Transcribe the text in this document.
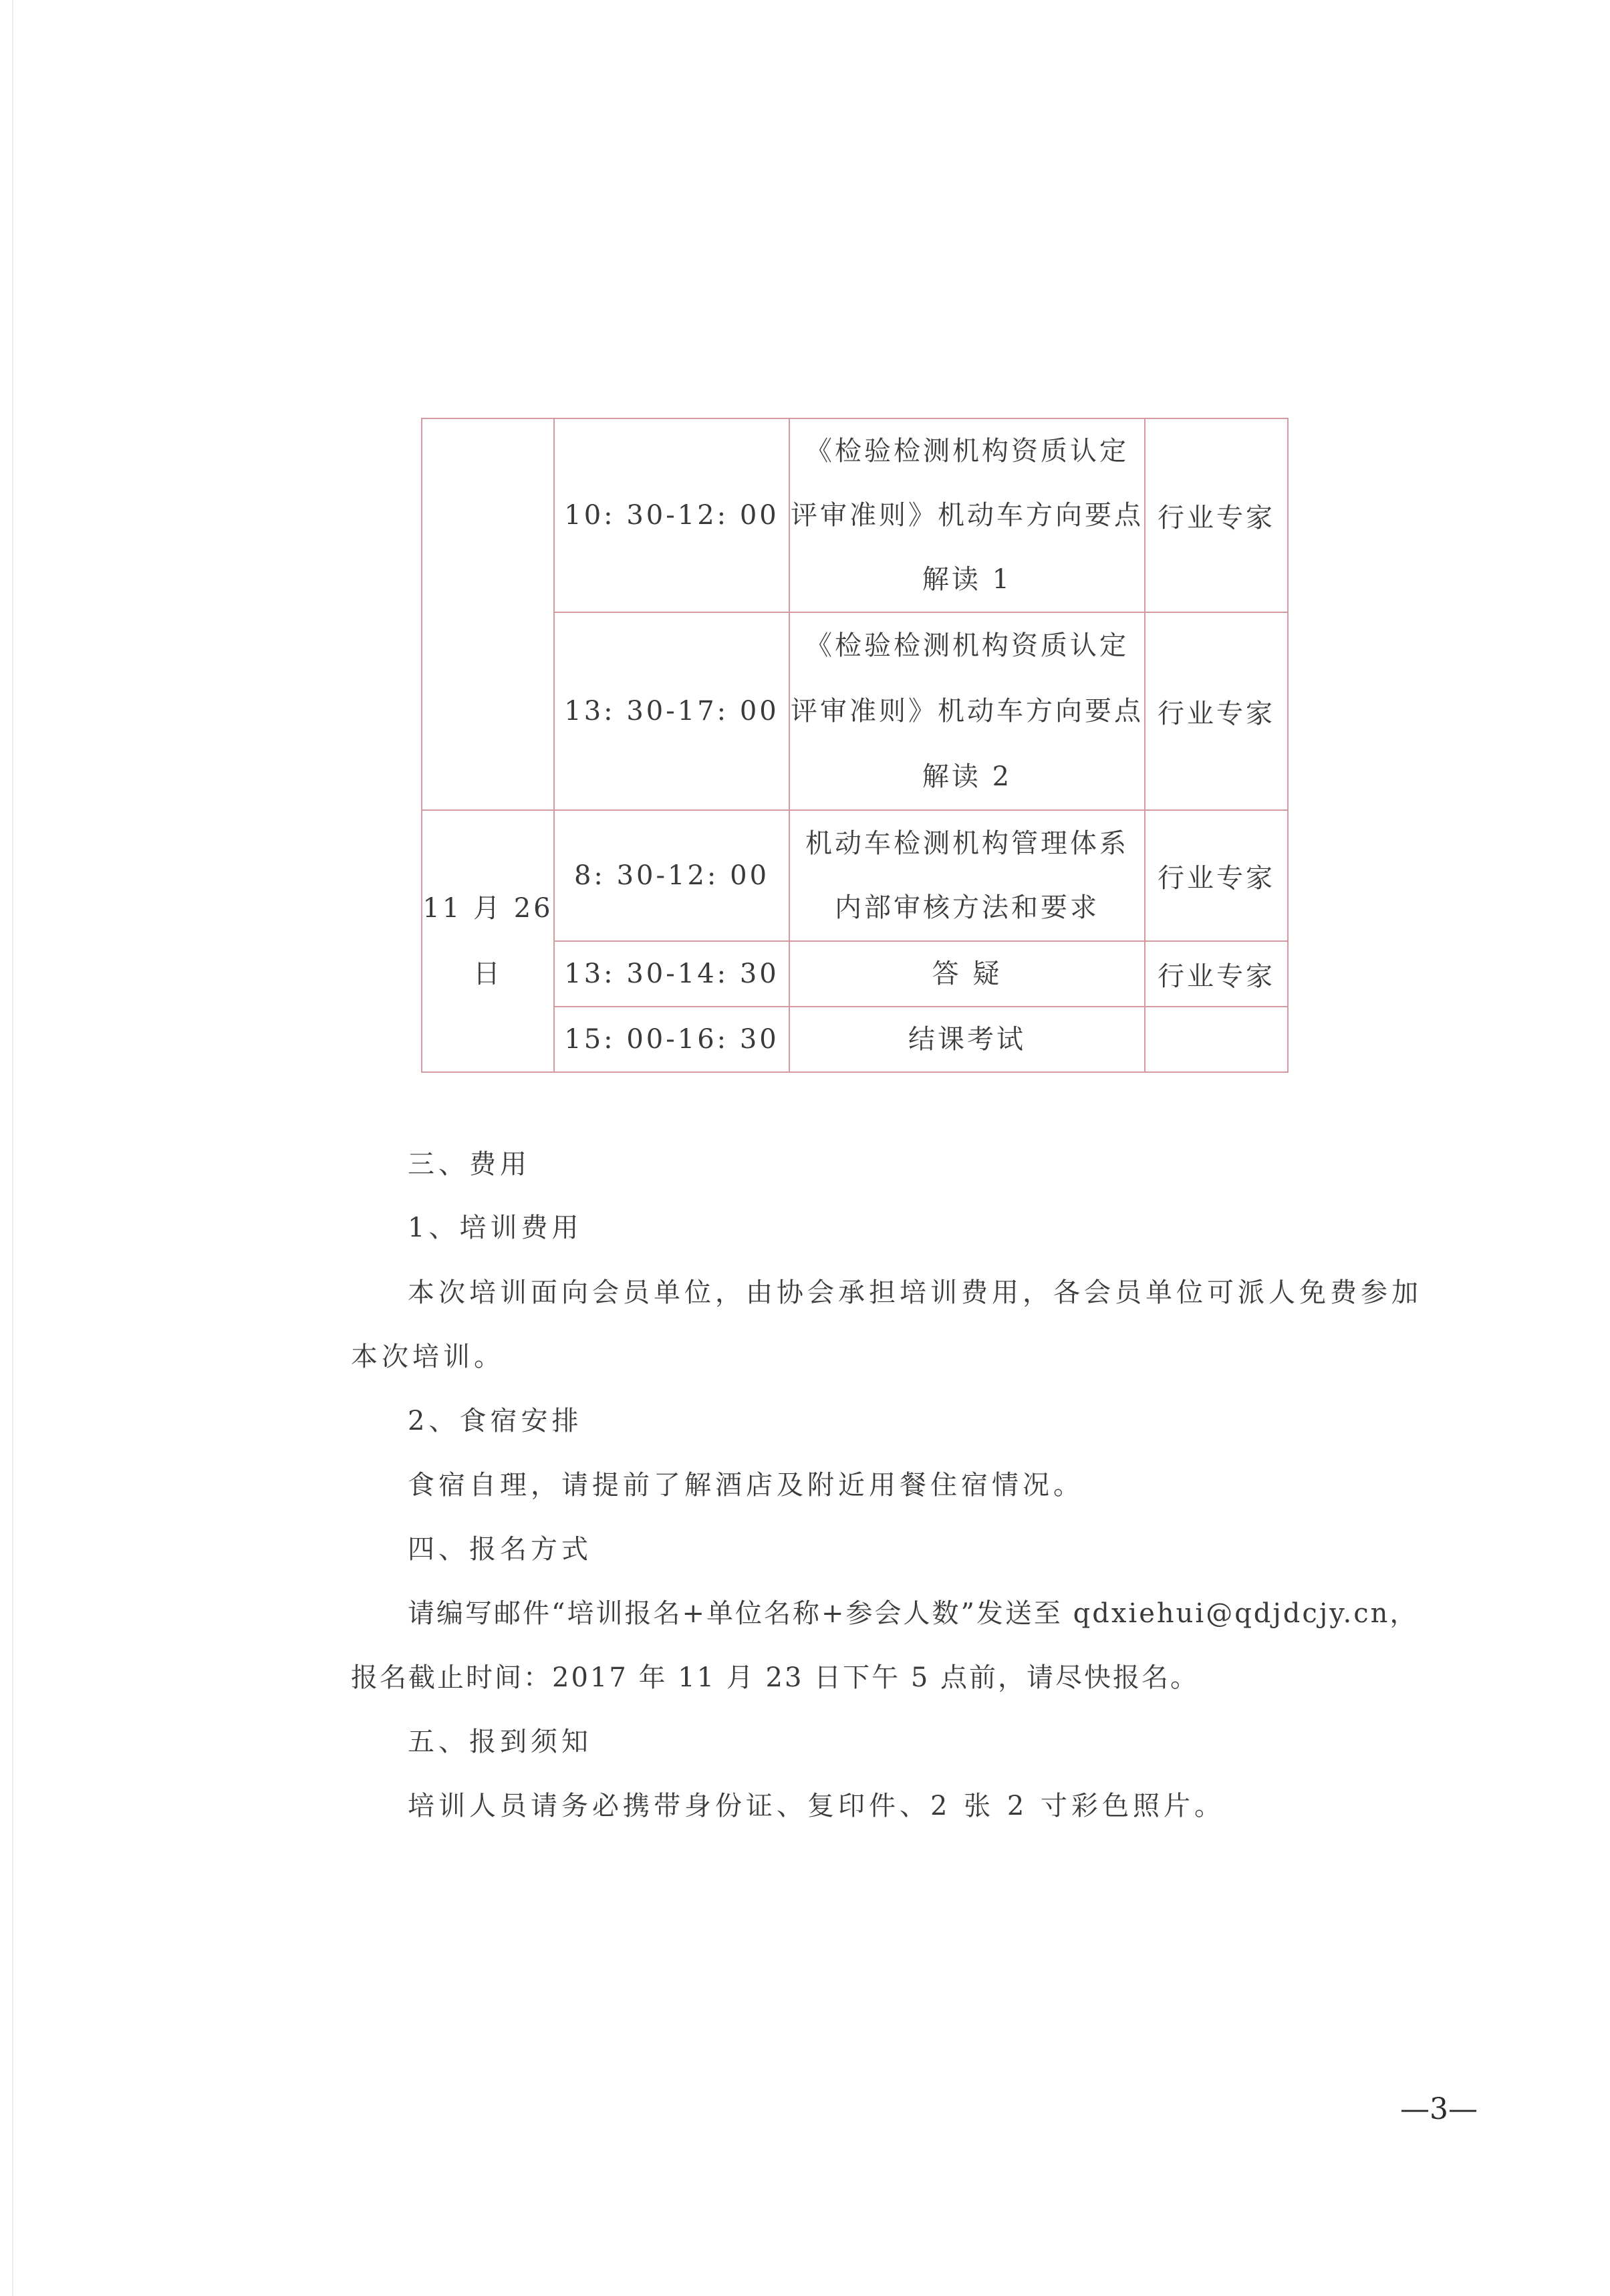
	10: 30-12: 00	《检验检测机构资质认定
评审准则》机动车方向要点
解读 1	行业专家
	13: 30-17: 00	《检验检测机构资质认定
评审准则》机动车方向要点
解读 2	行业专家

11 月 26
日	8: 30-12: 00	机动车检测机构管理体系
内部审核方法和要求	行业专家
	13: 30-14: 30	答 疑	行业专家
	15: 00-16: 30	结课考试	

三、费用
1、培训费用
本次培训面向会员单位，由协会承担培训费用，各会员单位可派人免费参加
本次培训。
2、食宿安排
食宿自理，请提前了解酒店及附近用餐住宿情况。
四、报名方式
请编写邮件“培训报名+单位名称+参会人数”发送至 qdxiehui@qdjdcjy.cn，
报名截止时间：2017 年 11 月 23 日下午 5 点前，请尽快报名。
五、报到须知
培训人员请务必携带身份证、复印件、2 张 2 寸彩色照片。
—3—
